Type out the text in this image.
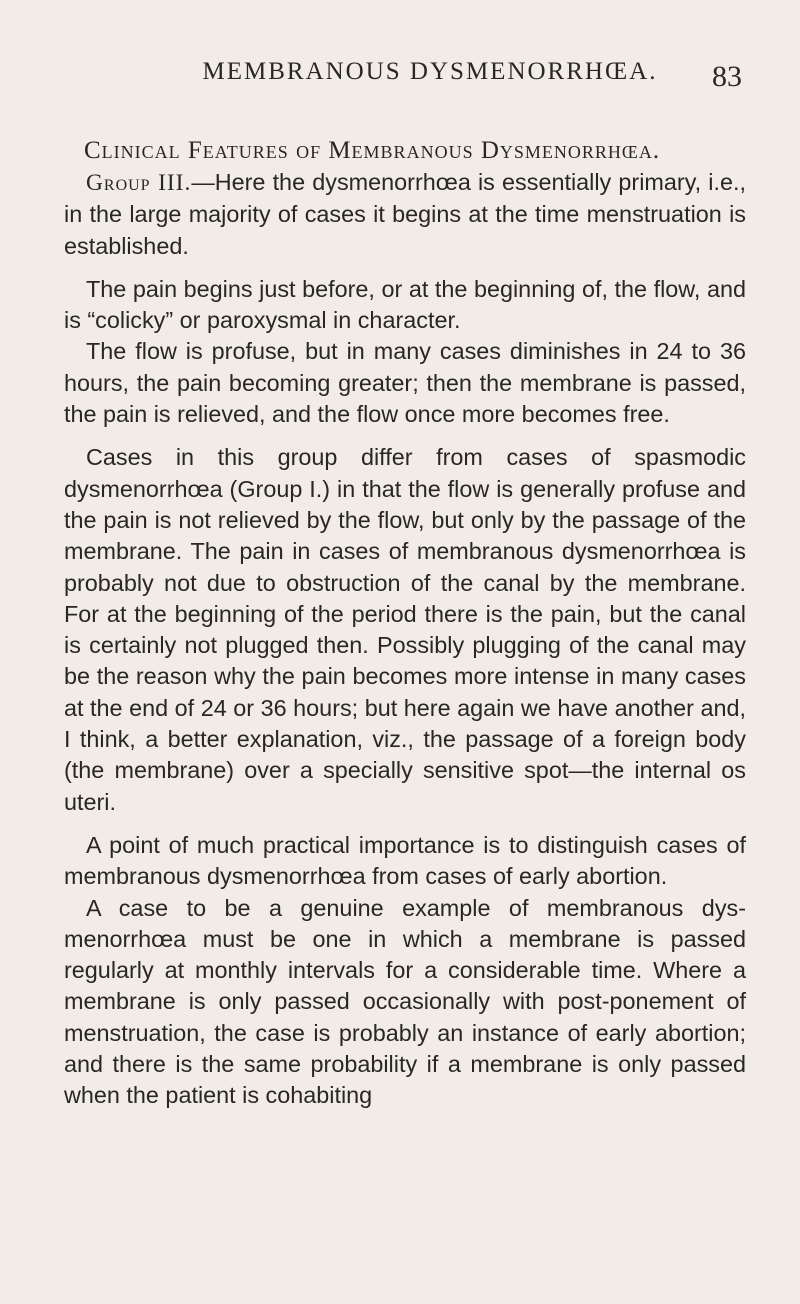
MEMBRANOUS DYSMENORRHŒA. 83
Clinical Features of Membranous Dysmenorrhœa.

Group III.—Here the dysmenorrhœa is essentially primary, i.e., in the large majority of cases it begins at the time menstruation is established.

The pain begins just before, or at the beginning of, the flow, and is “colicky” or paroxysmal in character.

The flow is profuse, but in many cases diminishes in 24 to 36 hours, the pain becoming greater; then the membrane is passed, the pain is relieved, and the flow once more becomes free.

Cases in this group differ from cases of spasmodic dysmenorrhœa (Group I.) in that the flow is generally profuse and the pain is not relieved by the flow, but only by the passage of the membrane. The pain in cases of membranous dysmenorrhœa is probably not due to obstruction of the canal by the membrane. For at the beginning of the period there is the pain, but the canal is certainly not plugged then. Possibly plugging of the canal may be the reason why the pain becomes more intense in many cases at the end of 24 or 36 hours; but here again we have another and, I think, a better explanation, viz., the passage of a foreign body (the membrane) over a specially sensitive spot—the internal os uteri.

A point of much practical importance is to distinguish cases of membranous dysmenorrhœa from cases of early abortion.

A case to be a genuine example of membranous dys-menorrhœa must be one in which a membrane is passed regularly at monthly intervals for a considerable time. Where a membrane is only passed occasionally with post-ponement of menstruation, the case is probably an instance of early abortion; and there is the same probability if a membrane is only passed when the patient is cohabiting
